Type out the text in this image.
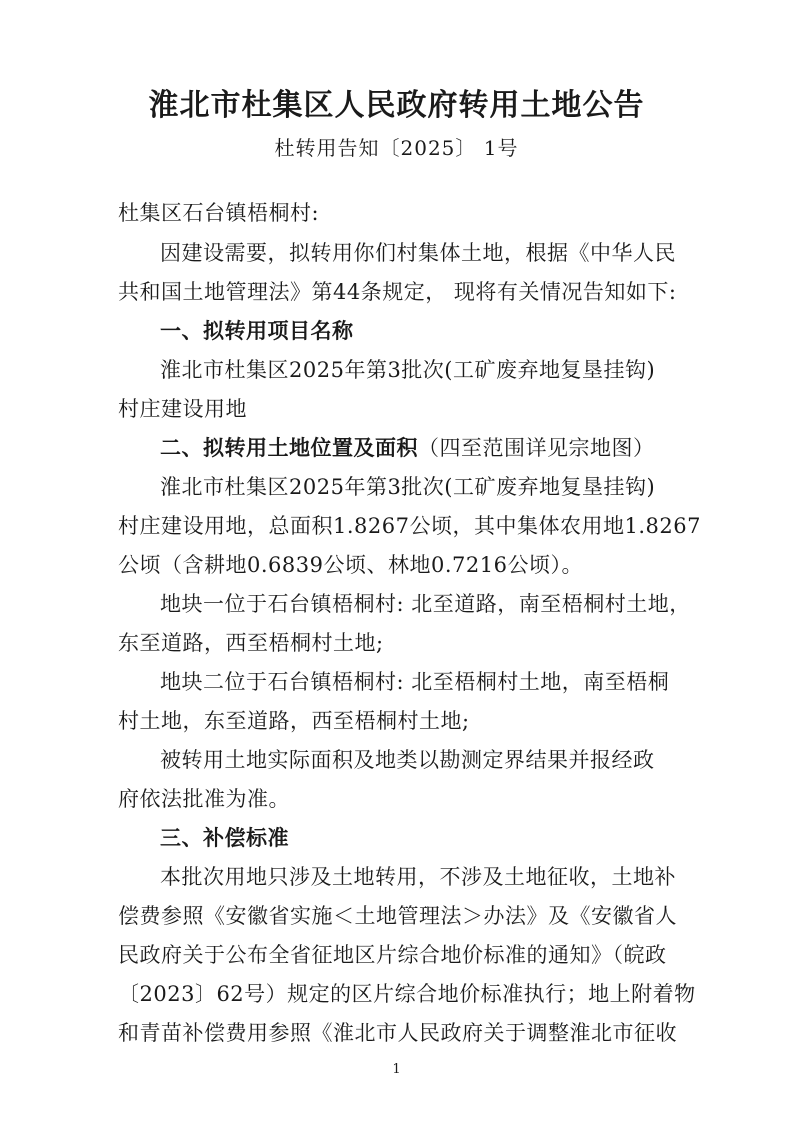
淮北市杜集区人民政府转用土地公告
杜转用告知〔2025〕 1号
杜集区石台镇梧桐村:
因建设需要，拟转用你们村集体土地，根据《中华人民
共和国土地管理法》第44条规定， 现将有关情况告知如下:
一、拟转用项目名称
淮北市杜集区2025年第3批次(工矿废弃地复垦挂钩)
村庄建设用地
二、拟转用土地位置及面积（四至范围详见宗地图）
淮北市杜集区2025年第3批次(工矿废弃地复垦挂钩)
村庄建设用地，总面积1.8267公顷，其中集体农用地1.8267
公顷（含耕地0.6839公顷、林地0.7216公顷）。
地块一位于石台镇梧桐村: 北至道路，南至梧桐村土地，
东至道路，西至梧桐村土地;
地块二位于石台镇梧桐村: 北至梧桐村土地，南至梧桐
村土地，东至道路，西至梧桐村土地;
被转用土地实际面积及地类以勘测定界结果并报经政
府依法批准为准。
三、补偿标准
本批次用地只涉及土地转用，不涉及土地征收，土地补
偿费参照《安徽省实施＜土地管理法＞办法》及《安徽省人
民政府关于公布全省征地区片综合地价标准的通知》（皖政
〔2023〕62号）规定的区片综合地价标准执行；地上附着物
和青苗补偿费用参照《淮北市人民政府关于调整淮北市征收
1
